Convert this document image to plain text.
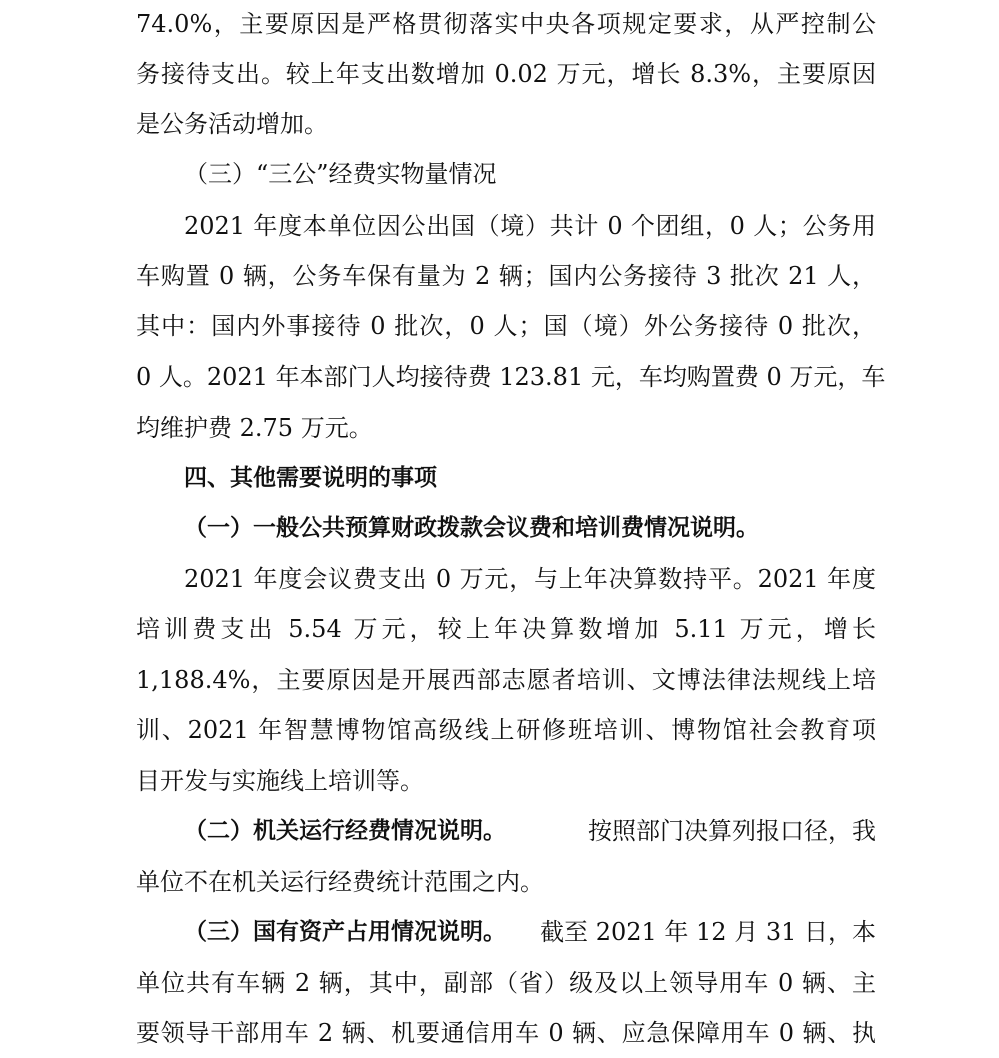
74.0%，主要原因是严格贯彻落实中央各项规定要求，从严控制公
务接待支出。较上年支出数增加 0.02 万元，增长 8.3%，主要原因
是公务活动增加。
（三）“三公”经费实物量情况
2021 年度本单位因公出国（境）共计 0 个团组，0 人；公务用
车购置 0 辆，公务车保有量为 2 辆；国内公务接待 3 批次 21 人，
其中：国内外事接待 0 批次，0 人；国（境）外公务接待 0 批次，
0 人。2021 年本部门人均接待费 123.81 元，车均购置费 0 万元，车
均维护费 2.75 万元。
四、其他需要说明的事项
（一）一般公共预算财政拨款会议费和培训费情况说明。
2021 年度会议费支出 0 万元，与上年决算数持平。2021 年度
培训费支出 5.54 万元，较上年决算数增加 5.11 万元，增长
1,188.4%，主要原因是开展西部志愿者培训、文博法律法规线上培
训、2021 年智慧博物馆高级线上研修班培训、博物馆社会教育项
目开发与实施线上培训等。
（二）机关运行经费情况说明。	按照部门决算列报口径，我
单位不在机关运行经费统计范围之内。
（三）国有资产占用情况说明。 截至 2021 年 12 月 31 日，本
单位共有车辆 2 辆，其中，副部（省）级及以上领导用车 0 辆、主
要领导干部用车 2 辆、机要通信用车 0 辆、应急保障用车 0 辆、执
